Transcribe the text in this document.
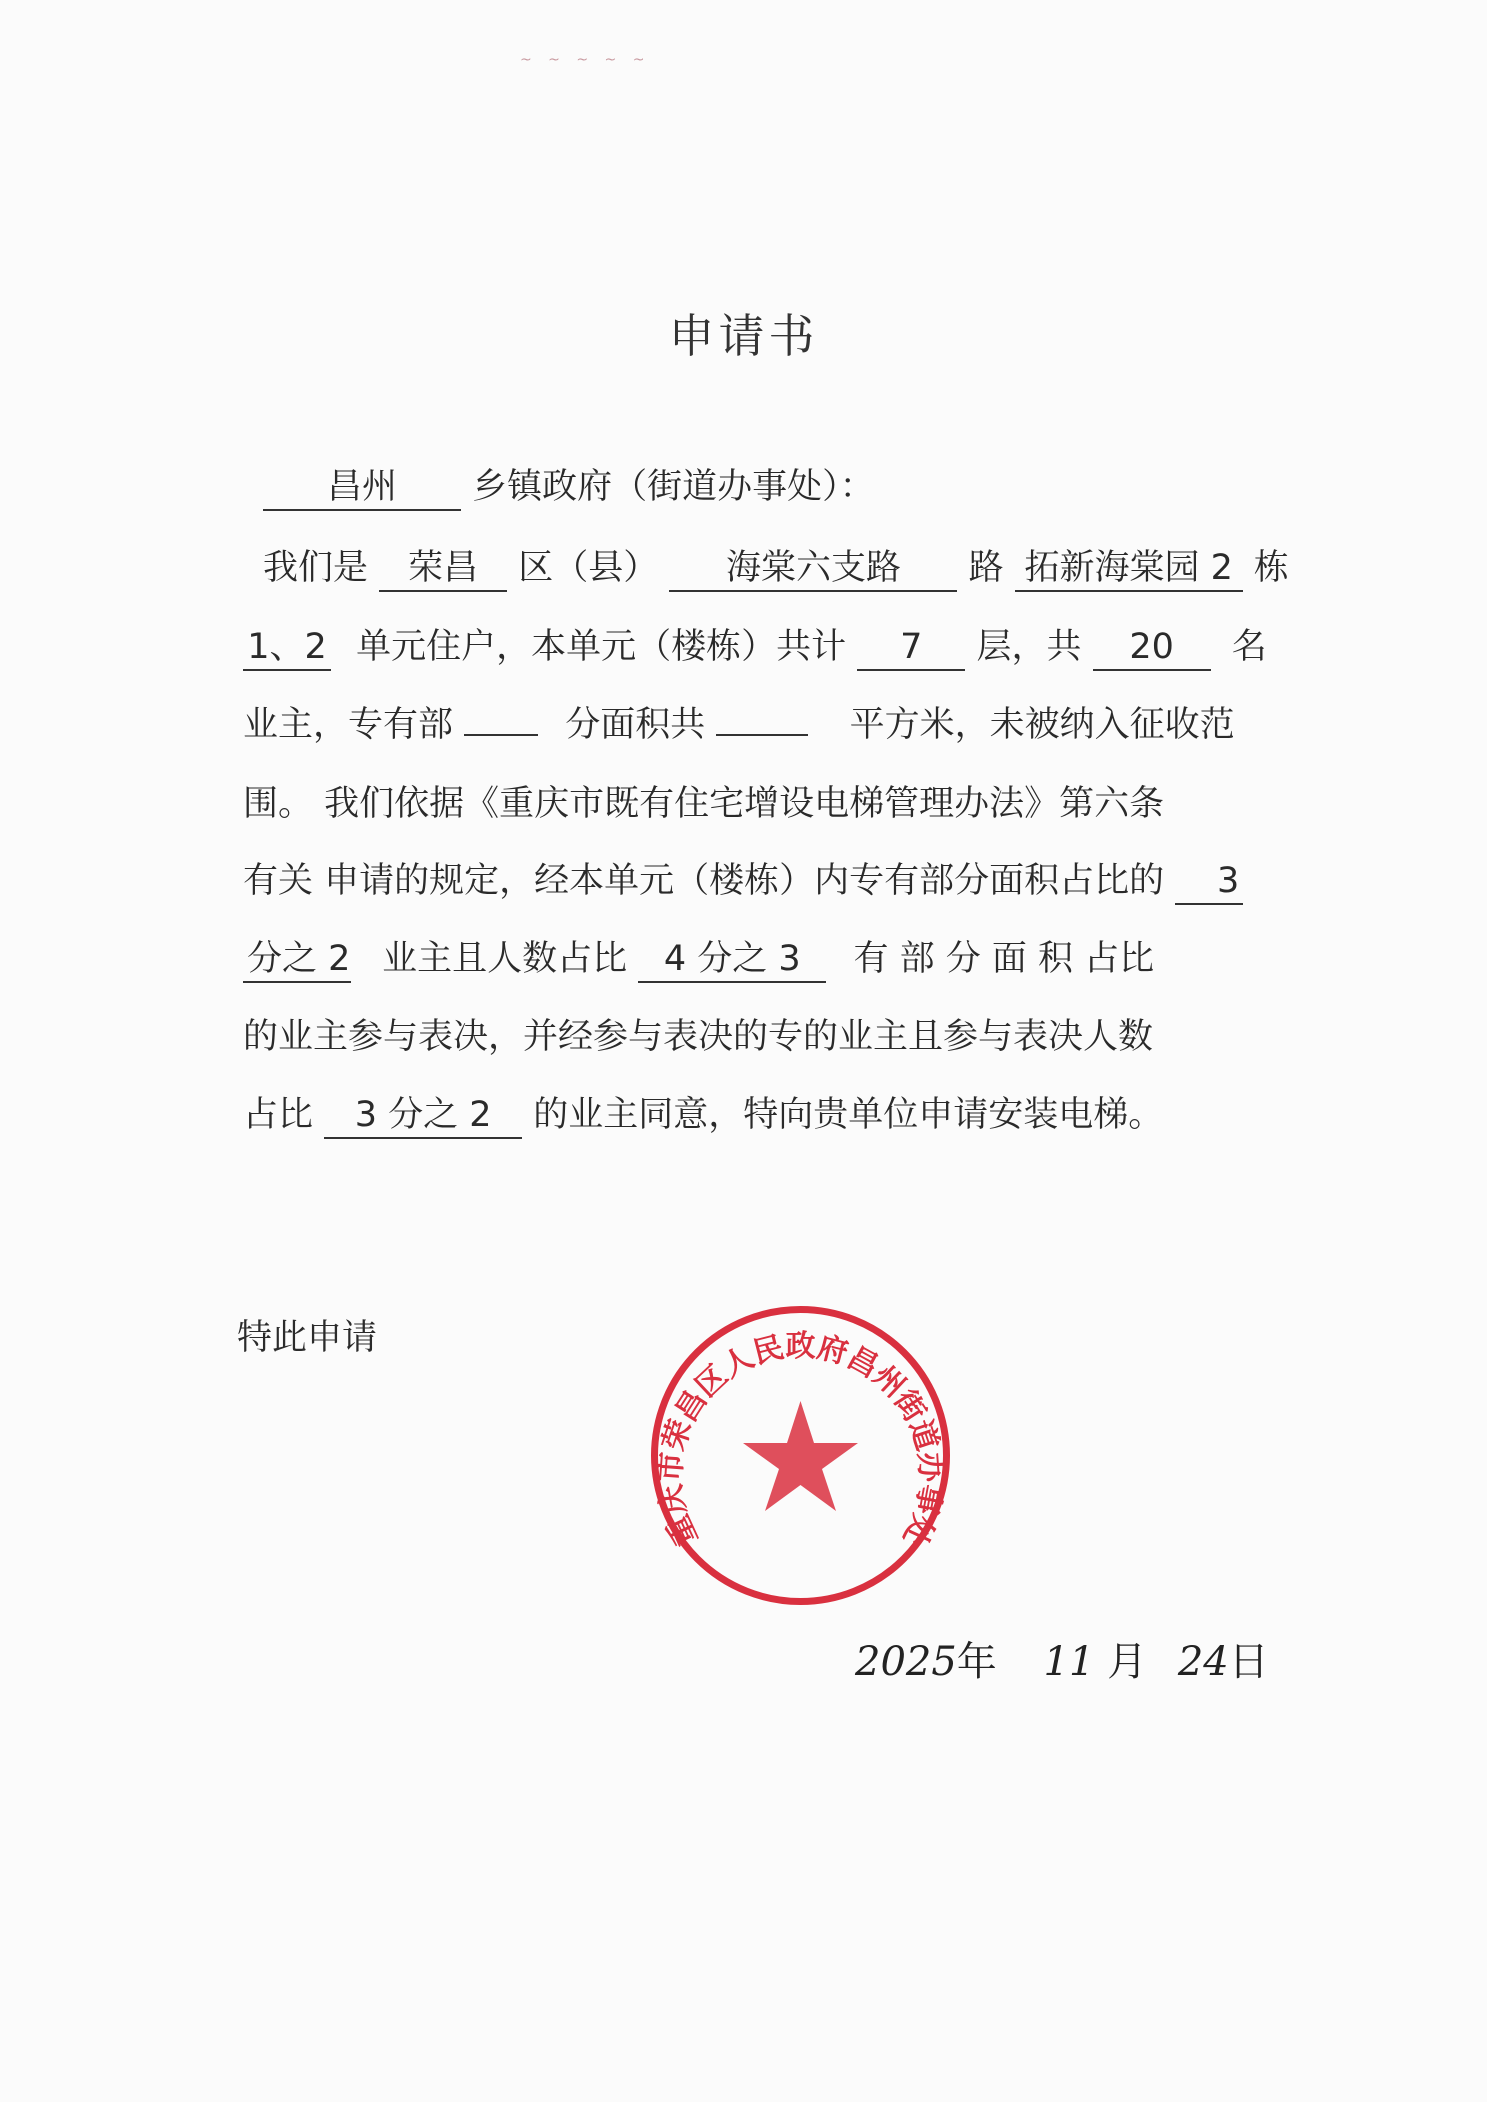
~ ~ ~ ~ ~
申请书
昌州 乡镇政府（街道办事处）：
我们是 荣昌 区（县） 海棠六支路 路 拓新海棠园 2 栋
1、2 单元住户，本单元（楼栋）共计 7 层，共 20 名
业主，专有部	分面积共	平方米，未被纳入征收范
围。 我们依据《重庆市既有住宅增设电梯管理办法》第六条
有关 申请的规定，经本单元（楼栋）内专有部分面积占比的 3
分之 2 业主且人数占比 4 分之 3 有 部 分 面 积 占比
的业主参与表决，并经参与表决的专的业主且参与表决人数
占比 3 分之 2 的业主同意，特向贵单位申请安装电梯。
特此申请
重庆市荣昌区人民政府昌州街道办事处
2025年 11 月 24日
